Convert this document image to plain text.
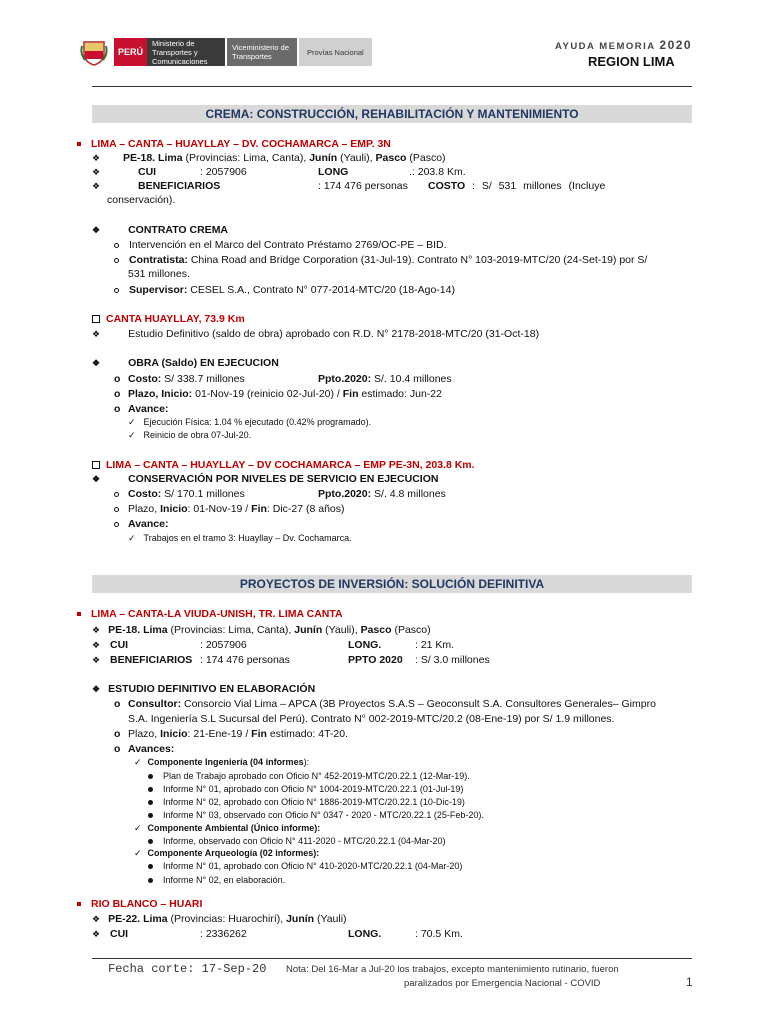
PERÚ
Ministerio de Transportes y Comunicaciones
Viceministerio de Transportes	Provías Nacional	AYUDA MEMORIA 2020
REGION LIMA
CREMA: CONSTRUCCIÓN, REHABILITACIÓN Y MANTENIMIENTO
LIMA – CANTA – HUAYLLAY – DV. COCHAMARCA – EMP. 3N
❖ PE-18. Lima (Provincias: Lima, Canta), Junín (Yauli), Pasco (Pasco)
❖	CUI	: 2057906	LONG	.: 203.8 Km.
❖	BENEFICIARIOS	: 174 476 personas COSTO : S/ 531 millones (Incluye
conservación).
❖	CONTRATO CREMA
Intervención en el Marco del Contrato Préstamo 2769/OC-PE – BID.
Contratista: China Road and Bridge Corporation (31-Jul-19). Contrato N° 103-2019-MTC/20 (24-Set-19) por S/
531 millones.
Supervisor: CESEL S.A., Contrato N° 077-2014-MTC/20 (18-Ago-14)
CANTA HUAYLLAY, 73.9 Km
❖	Estudio Definitivo (saldo de obra) aprobado con R.D. N° 2178-2018-MTC/20 (31-Oct-18)
❖	OBRA (Saldo) EN EJECUCION
o Costo: S/ 338.7 millones	Ppto.2020: S/. 10.4 millones
o Plazo, Inicio: 01-Nov-19 (reinicio 02-Jul-20) / Fin estimado: Jun-22
o Avance:
✓ Ejecución Física: 1.04 % ejecutado (0.42% programado).
✓ Reinicio de obra 07-Jul-20.
LIMA – CANTA – HUAYLLAY – DV COCHAMARCA – EMP PE-3N, 203.8 Km.
❖	CONSERVACIÓN POR NIVELES DE SERVICIO EN EJECUCION
Costo: S/ 170.1 millones	Ppto.2020: S/. 4.8 millones
Plazo, Inicio: 01-Nov-19 / Fin: Dic-27 (8 años)
Avance:
✓ Trabajos en el tramo 3: Huayllay – Dv. Cochamarca.
PROYECTOS DE INVERSIÓN: SOLUCIÓN DEFINITIVA
LIMA – CANTA-LA VIUDA-UNISH, TR. LIMA CANTA
❖ PE-18. Lima (Provincias: Lima, Canta), Junín (Yauli), Pasco (Pasco)
❖ CUI	: 2057906	LONG.	: 21 Km.
❖ BENEFICIARIOS : 174 476 personas	PPTO 2020 : S/ 3.0 millones
❖ ESTUDIO DEFINITIVO EN ELABORACIÓN
o Consultor: Consorcio Vial Lima – APCA (3B Proyectos S.A.S – Geoconsult S.A. Consultores Generales– Gimpro
S.A. Ingeniería S.L Sucursal del Perú). Contrato N° 002-2019-MTC/20.2 (08-Ene-19) por S/ 1.9 millones.
o Plazo, Inicio: 21-Ene-19 / Fin estimado: 4T-20.
o Avances:
✓ Componente Ingeniería (04 informes):
Plan de Trabajo aprobado con Oficio N° 452-2019-MTC/20.22.1 (12-Mar-19).
Informe N° 01, aprobado con Oficio N° 1004-2019-MTC/20.22.1 (01-Jul-19)
Informe N° 02, aprobado con Oficio N° 1886-2019-MTC/20.22.1 (10-Dic-19)
Informe N° 03, observado con Oficio N° 0347 - 2020 - MTC/20.22.1 (25-Feb-20).
✓ Componente Ambiental (Único informe):
Informe, observado con Oficio N° 411-2020 - MTC/20.22.1 (04-Mar-20)
✓ Componente Arqueología (02 informes):
Informe N° 01, aprobado con Oficio N° 410-2020-MTC/20.22.1 (04-Mar-20)
Informe N° 02, en elaboración.
RIO BLANCO – HUARI
❖ PE-22. Lima (Provincias: Huarochirí), Junín (Yauli)
❖ CUI	: 2336262	LONG.	: 70.5 Km.
Fecha corte: 17-Sep-20 Nota: Del 16-Mar a Jul-20 los trabajos, excepto mantenimiento rutinario, fueron
paralizados por Emergencia Nacional - COVID	1
